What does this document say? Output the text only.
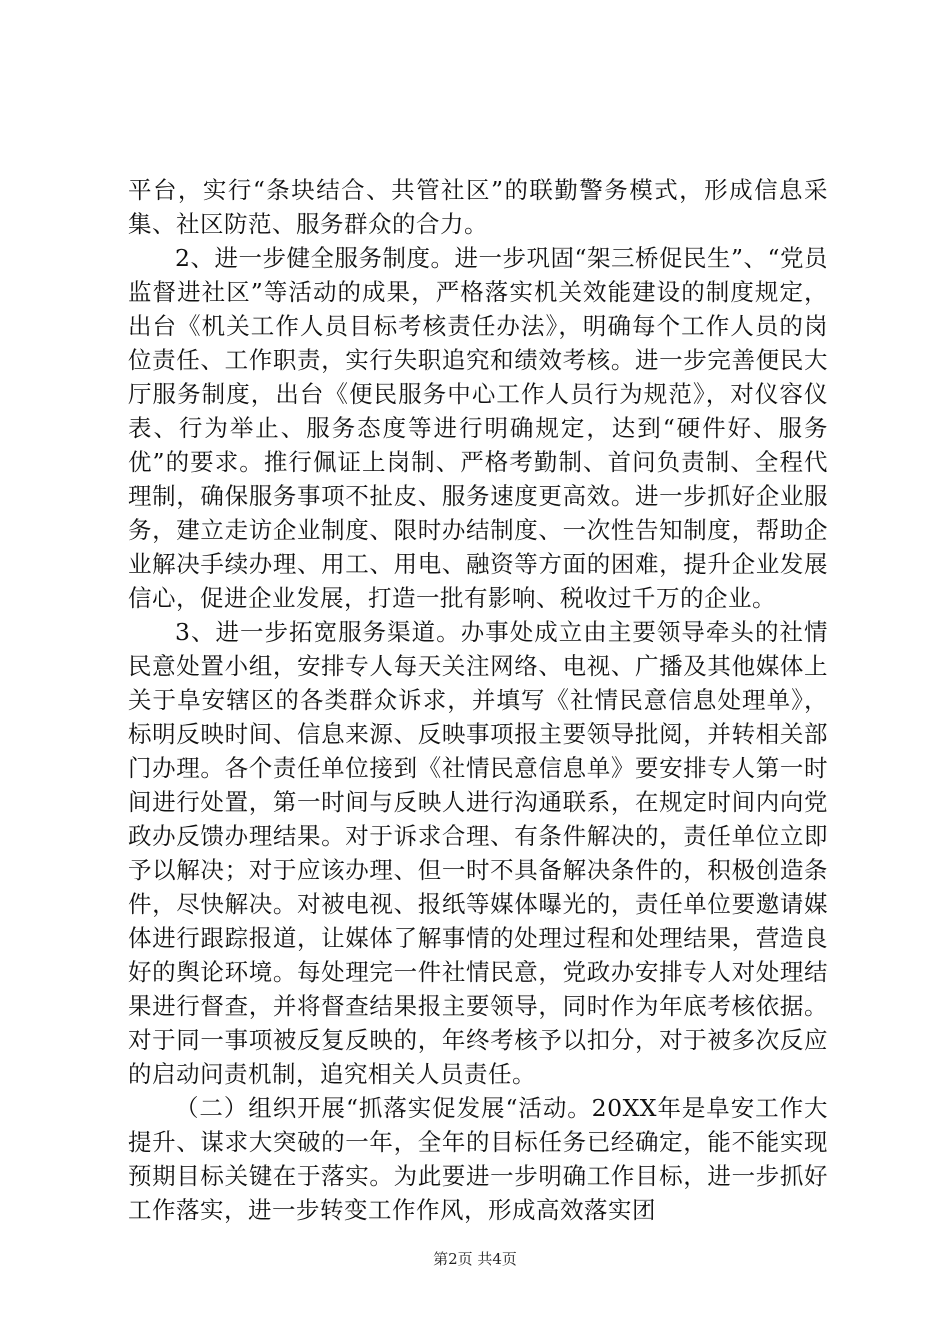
平台，实行“条块结合、共管社区”的联勤警务模式，形成信息采集、社区防范、服务群众的合力。

2、进一步健全服务制度。进一步巩固“架三桥促民生”、“党员监督进社区”等活动的成果，严格落实机关效能建设的制度规定，出台《机关工作人员目标考核责任办法》，明确每个工作人员的岗位责任、工作职责，实行失职追究和绩效考核。进一步完善便民大厅服务制度，出台《便民服务中心工作人员行为规范》，对仪容仪表、行为举止、服务态度等进行明确规定，达到“硬件好、服务优”的要求。推行佩证上岗制、严格考勤制、首问负责制、全程代理制，确保服务事项不扯皮、服务速度更高效。进一步抓好企业服务，建立走访企业制度、限时办结制度、一次性告知制度，帮助企业解决手续办理、用工、用电、融资等方面的困难，提升企业发展信心，促进企业发展，打造一批有影响、税收过千万的企业。

3、进一步拓宽服务渠道。办事处成立由主要领导牵头的社情民意处置小组，安排专人每天关注网络、电视、广播及其他媒体上关于阜安辖区的各类群众诉求，并填写《社情民意信息处理单》，标明反映时间、信息来源、反映事项报主要领导批阅，并转相关部门办理。各个责任单位接到《社情民意信息单》要安排专人第一时间进行处置，第一时间与反映人进行沟通联系，在规定时间内向党政办反馈办理结果。对于诉求合理、有条件解决的，责任单位立即予以解决；对于应该办理、但一时不具备解决条件的，积极创造条件，尽快解决。对被电视、报纸等媒体曝光的，责任单位要邀请媒体进行跟踪报道，让媒体了解事情的处理过程和处理结果，营造良好的舆论环境。每处理完一件社情民意，党政办安排专人对处理结果进行督查，并将督查结果报主要领导，同时作为年底考核依据。对于同一事项被反复反映的，年终考核予以扣分，对于被多次反应的启动问责机制，追究相关人员责任。

（二）组织开展“抓落实促发展“活动。20XX年是阜安工作大提升、谋求大突破的一年，全年的目标任务已经确定，能不能实现预期目标关键在于落实。为此要进一步明确工作目标，进一步抓好工作落实，进一步转变工作作风，形成高效落实团

第2页 共4页
